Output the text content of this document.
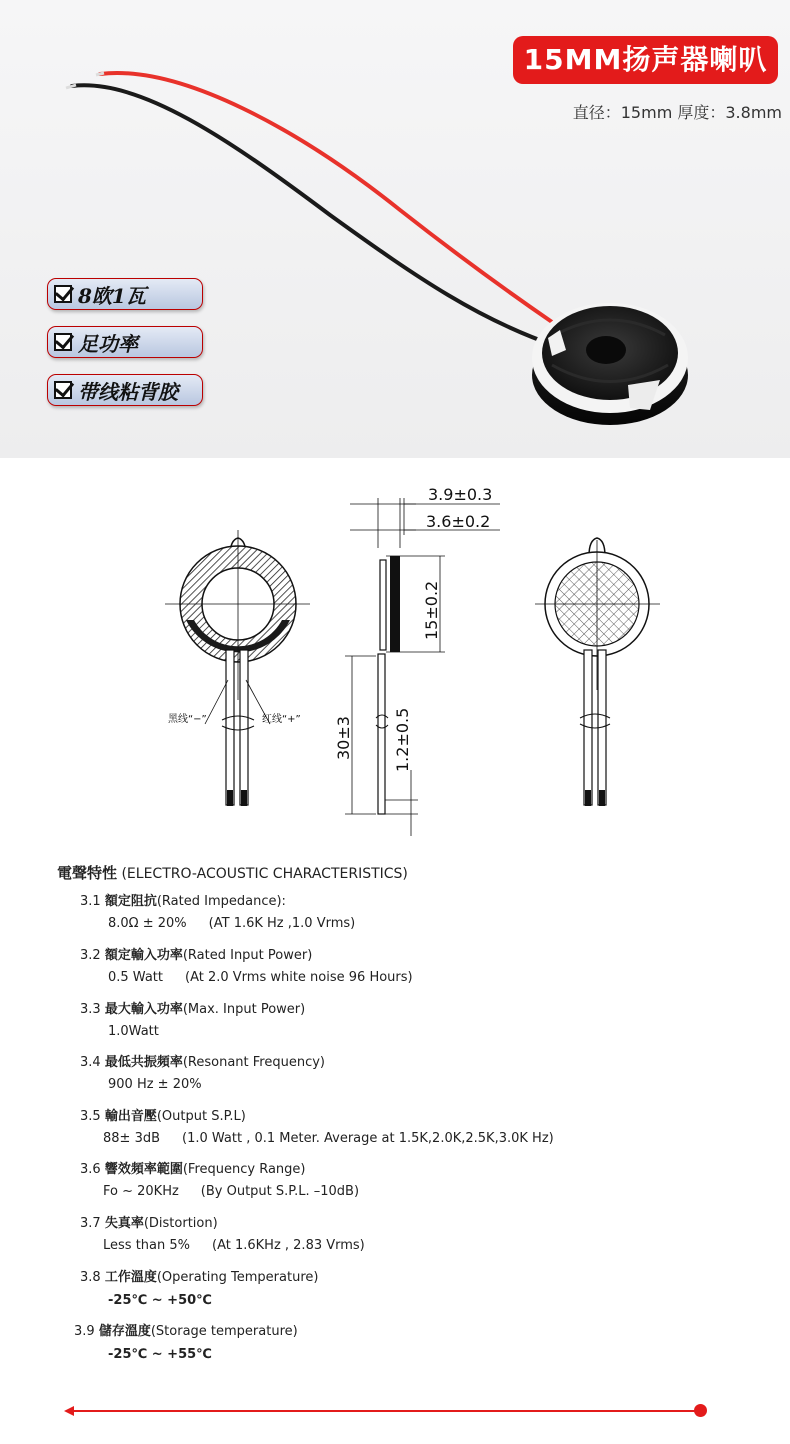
15MM扬声器喇叭
直径：15mm 厚度：3.8mm
8欧1瓦
足功率
带线粘背胶
黑线“−”	红线“+”
3.9±0.3
3.6±0.2
15±0.2
30±3	1.2±0.5
電聲特性 (ELECTRO-ACOUSTIC CHARACTERISTICS)
3.1 額定阻抗(Rated Impedance):
8.0Ω ± 20% (AT 1.6K Hz ,1.0 Vrms)
3.2 額定輸入功率(Rated Input Power)
0.5 Watt (At 2.0 Vrms white noise 96 Hours)
3.3 最大輸入功率(Max. Input Power)
1.0Watt
3.4 最低共振頻率(Resonant Frequency)
900 Hz ± 20%
3.5 輸出音壓(Output S.P.L)
88± 3dB (1.0 Watt , 0.1 Meter. Average at 1.5K,2.0K,2.5K,3.0K Hz)
3.6 響效頻率範圍(Frequency Range)
Fo ~ 20KHz (By Output S.P.L. –10dB)
3.7 失真率(Distortion)
Less than 5% (At 1.6KHz , 2.83 Vrms)
3.8 工作溫度(Operating Temperature)
-25℃ ~ +50℃
3.9 儲存溫度(Storage temperature)
-25℃ ~ +55℃
